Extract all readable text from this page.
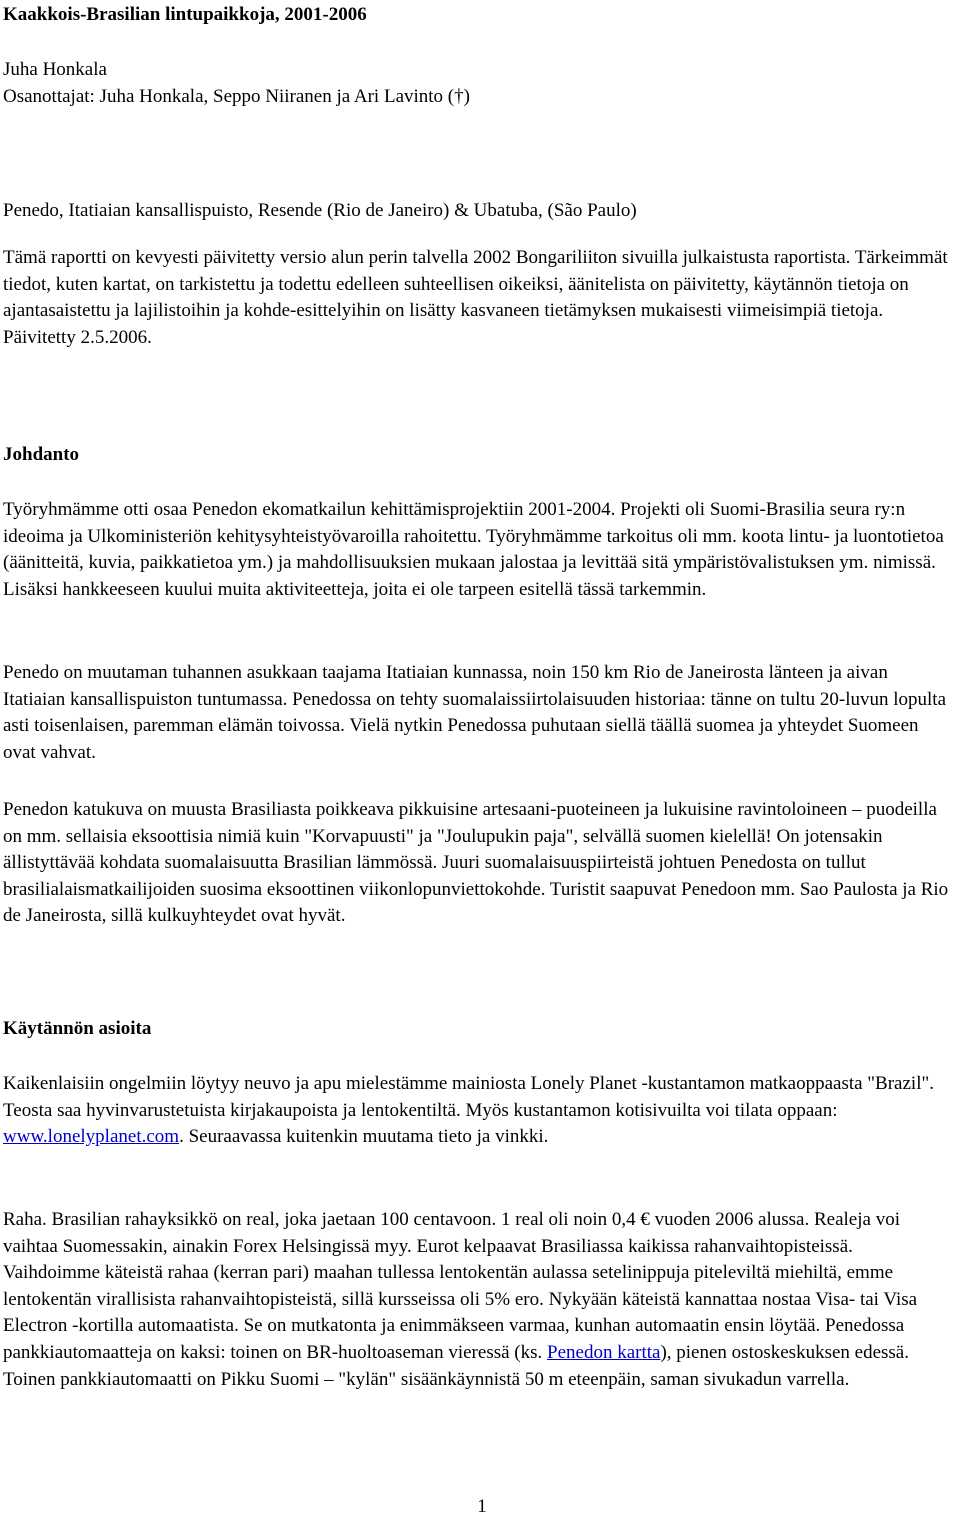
Kaakkois-Brasilian lintupaikkoja, 2001-2006
Juha Honkala
Osanottajat: Juha Honkala, Seppo Niiranen ja Ari Lavinto (†)
Penedo, Itatiaian kansallispuisto, Resende (Rio de Janeiro) & Ubatuba, (São Paulo)

Tämä raportti on kevyesti päivitetty versio alun perin talvella 2002 Bongariliiton sivuilla julkaistusta raportista. Tärkeimmät tiedot, kuten kartat, on tarkistettu ja todettu edelleen suhteellisen oikeiksi, äänitelista on päivitetty, käytännön tietoja on ajantasaistettu ja lajilistoihin ja kohde-esittelyihin on lisätty kasvaneen tietämyksen mukaisesti viimeisimpiä tietoja. Päivitetty 2.5.2006.

Johdanto

Työryhmämme otti osaa Penedon ekomatkailun kehittämisprojektiin 2001-2004. Projekti oli Suomi-Brasilia seura ry:n ideoima ja Ulkoministeriön kehitysyhteistyövaroilla rahoitettu. Työryhmämme tarkoitus oli mm. koota lintu- ja luontotietoa (äänitteitä, kuvia, paikkatietoa ym.) ja mahdollisuuksien mukaan jalostaa ja levittää sitä ympäristövalistuksen ym. nimissä. Lisäksi hankkeeseen kuului muita aktiviteetteja, joita ei ole tarpeen esitellä tässä tarkemmin.

Penedo on muutaman tuhannen asukkaan taajama Itatiaian kunnassa, noin 150 km Rio de Janeirosta länteen ja aivan Itatiaian kansallispuiston tuntumassa. Penedossa on tehty suomalaissiirtolaisuuden historiaa: tänne on tultu 20-luvun lopulta asti toisenlaisen, paremman elämän toivossa. Vielä nytkin Penedossa puhutaan siellä täällä suomea ja yhteydet Suomeen ovat vahvat.

Penedon katukuva on muusta Brasiliasta poikkeava pikkuisine artesaani-puoteineen ja lukuisine ravintoloineen – puodeilla on mm. sellaisia eksoottisia nimiä kuin "Korvapuusti" ja "Joulupukin paja", selvällä suomen kielellä! On jotensakin ällistyttävää kohdata suomalaisuutta Brasilian lämmössä. Juuri suomalaisuuspiirteistä johtuen Penedosta on tullut brasilialaismatkailijoiden suosima eksoottinen viikonlopunviettokohde. Turistit saapuvat Penedoon mm. Sao Paulosta ja Rio de Janeirosta, sillä kulkuyhteydet ovat hyvät.

Käytännön asioita

Kaikenlaisiin ongelmiin löytyy neuvo ja apu mielestämme mainiosta Lonely Planet -kustantamon matkaoppaasta "Brazil". Teosta saa hyvinvarustetuista kirjakaupoista ja lentokentiltä. Myös kustantamon kotisivuilta voi tilata oppaan: www.lonelyplanet.com. Seuraavassa kuitenkin muutama tieto ja vinkki.

Raha. Brasilian rahayksikkö on real, joka jaetaan 100 centavoon. 1 real oli noin 0,4 € vuoden 2006 alussa. Realeja voi vaihtaa Suomessakin, ainakin Forex Helsingissä myy. Eurot kelpaavat Brasiliassa kaikissa rahanvaihtopisteissä. Vaihdoimme käteistä rahaa (kerran pari) maahan tullessa lentokentän aulassa setelinippuja piteleviltä miehiltä, emme lentokentän virallisista rahanvaihtopisteistä, sillä kursseissa oli 5% ero. Nykyään käteistä kannattaa nostaa Visa- tai Visa Electron -kortilla automaatista. Se on mutkatonta ja enimmäkseen varmaa, kunhan automaatin ensin löytää. Penedossa pankkiautomaatteja on kaksi: toinen on BR-huoltoaseman vieressä (ks. Penedon kartta), pienen ostoskeskuksen edessä. Toinen pankkiautomaatti on Pikku Suomi – "kylän" sisäänkäynnistä 50 m eteenpäin, saman sivukadun varrella.

1
